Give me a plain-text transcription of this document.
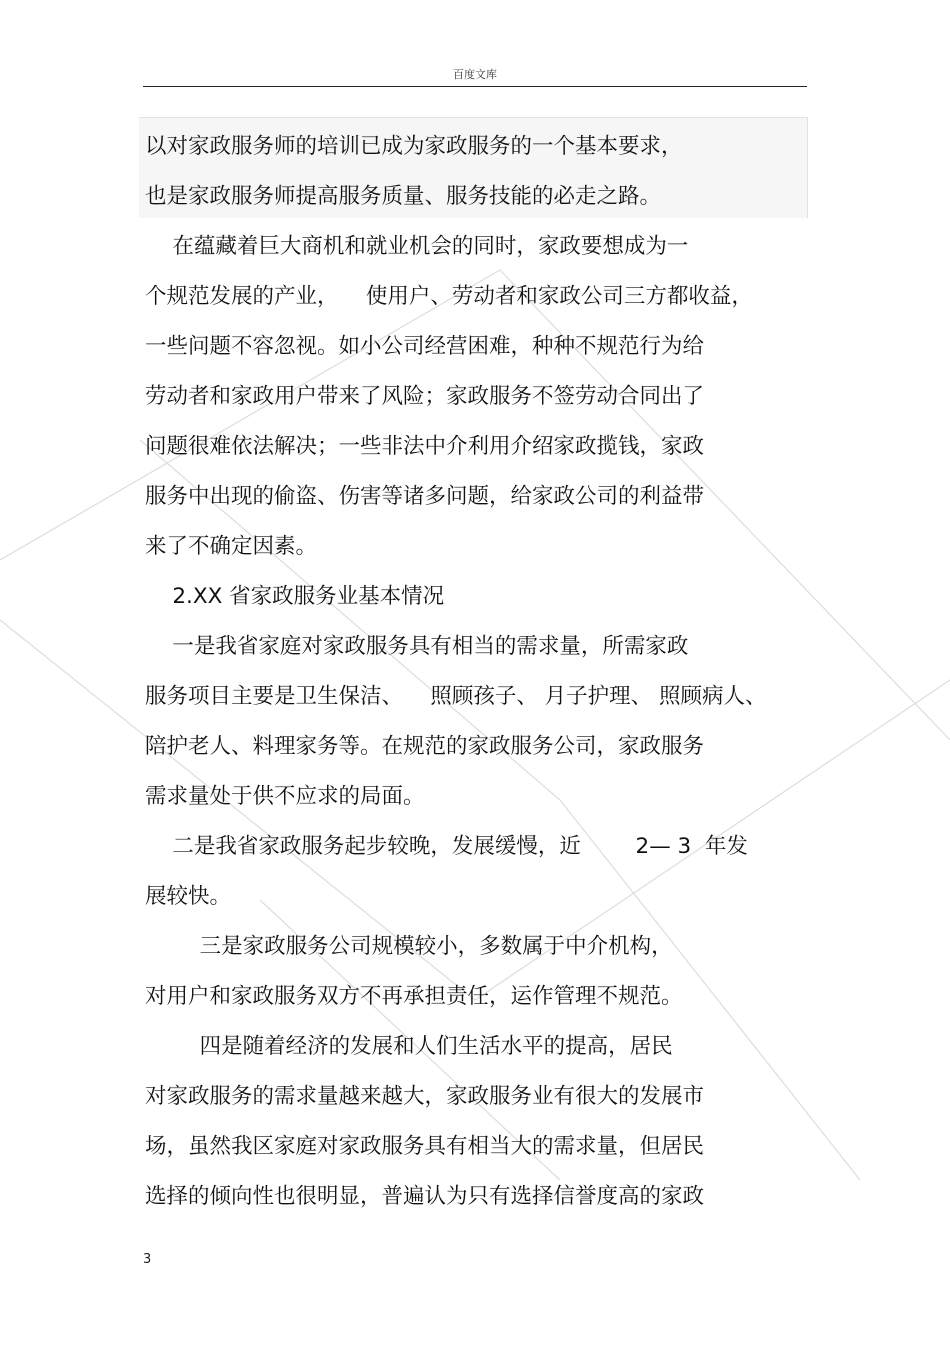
百度文库
以对家政服务师的培训已成为家政服务的一个基本要求，
也是家政服务师提高服务质量、服务技能的必走之路。
在蕴藏着巨大商机和就业机会的同时，家政要想成为一
个规范发展的产业，    使用户、劳动者和家政公司三方都收益，
一些问题不容忽视。如小公司经营困难，种种不规范行为给
劳动者和家政用户带来了风险；家政服务不签劳动合同出了
问题很难依法解决；一些非法中介利用介绍家政揽钱，家政
服务中出现的偷盗、伤害等诸多问题，给家政公司的利益带
来了不确定因素。
2.XX 省家政服务业基本情况
一是我省家庭对家政服务具有相当的需求量，所需家政
服务项目主要是卫生保洁、    照顾孩子、 月子护理、 照顾病人、
陪护老人、料理家务等。在规范的家政服务公司，家政服务
需求量处于供不应求的局面。
二是我省家政服务起步较晚，发展缓慢，近        2— 3  年发
展较快。
三是家政服务公司规模较小，多数属于中介机构，
对用户和家政服务双方不再承担责任，运作管理不规范。
四是随着经济的发展和人们生活水平的提高，居民
对家政服务的需求量越来越大，家政服务业有很大的发展市
场，虽然我区家庭对家政服务具有相当大的需求量，但居民
选择的倾向性也很明显，普遍认为只有选择信誉度高的家政
3
